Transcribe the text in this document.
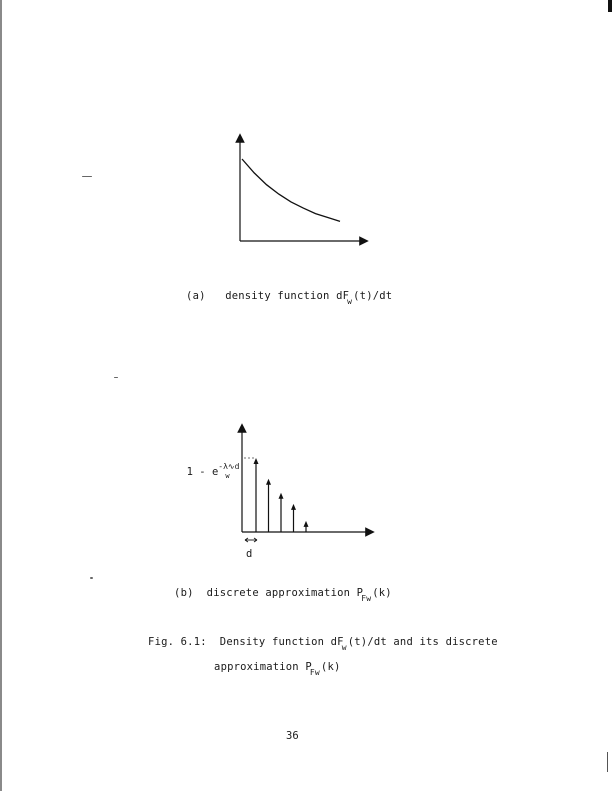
(a) density function $dF_w(t)/dt$

$1 - e^{-\lambda∿d}_w$

d

(b) discrete approximation $P_{Fw}(k)$

Fig. 6.1: Density function $dF_w(t)/dt$ and its discrete

approximation $P_{Fw}(k)$

36
